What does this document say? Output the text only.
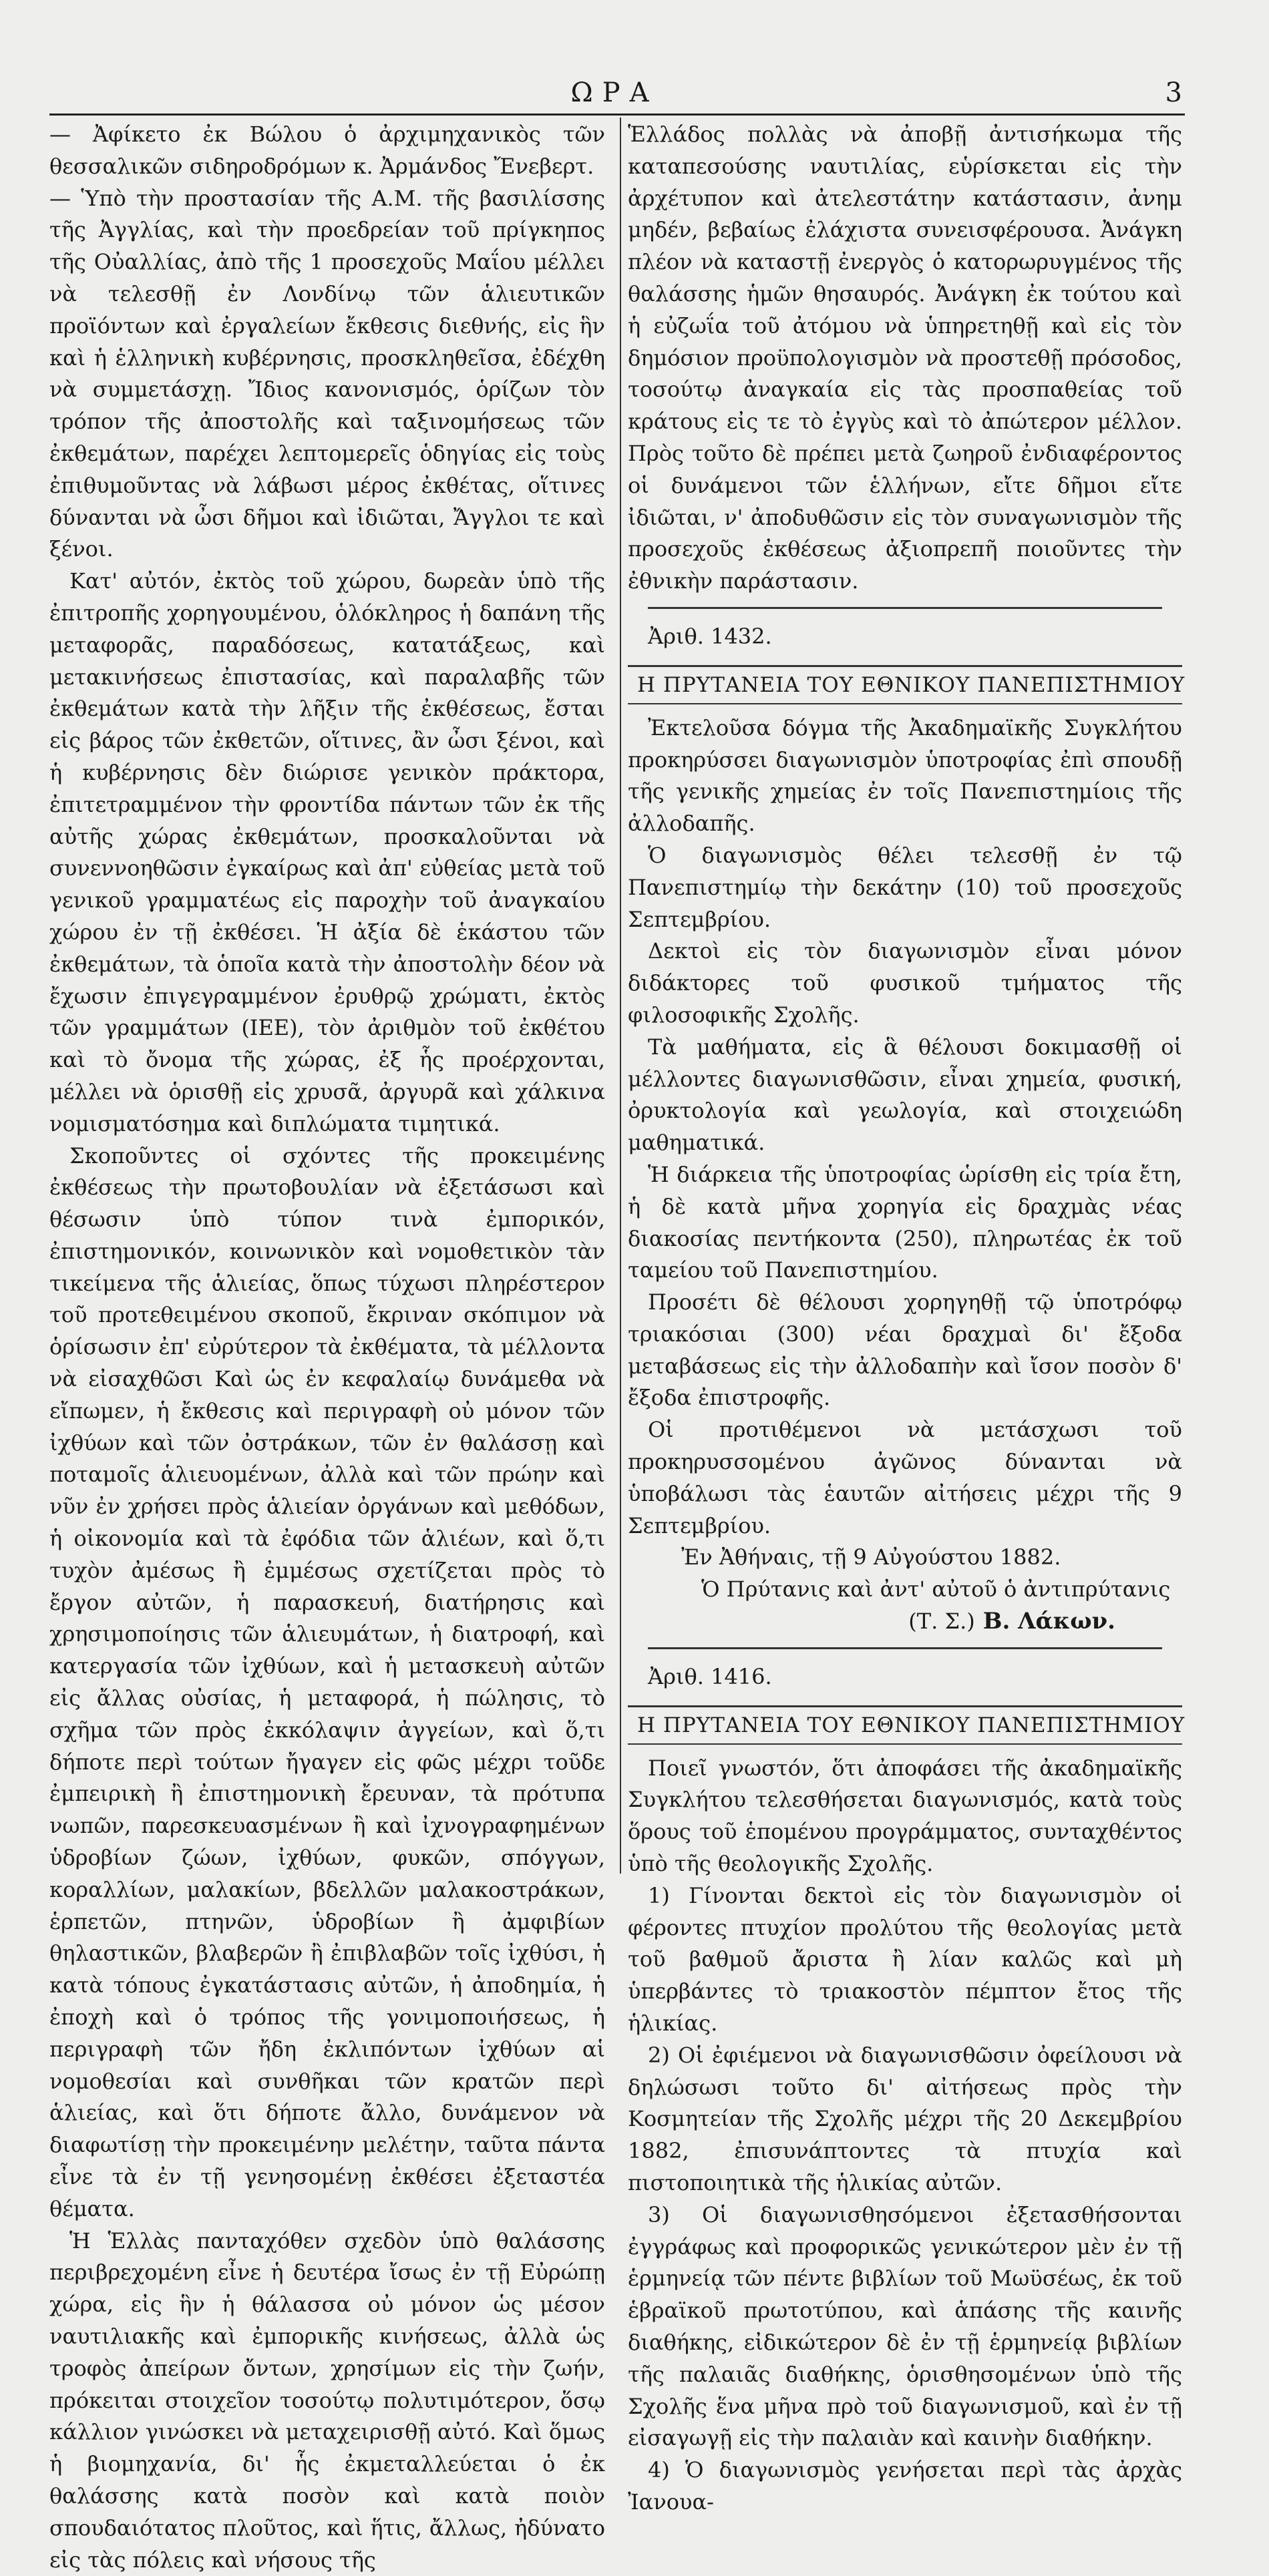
ΩΡΑ	3

— Ἀφίκετο ἐκ Βώλου ὁ ἀρχιμηχανικὸς τῶν θεσσαλικῶν σιδηροδρόμων κ. Ἀρμάνδος Ἔνεβερτ.

— Ὑπὸ τὴν προστασίαν τῆς Α.Μ. τῆς βασιλίσσης τῆς Ἀγγλίας, καὶ τὴν προεδρείαν τοῦ πρίγκηπος τῆς Οὐαλλίας, ἀπὸ τῆς 1 προσεχοῦς Μαΐου μέλλει νὰ τελεσθῇ ἐν Λονδίνῳ τῶν ἁλιευτικῶν προϊόντων καὶ ἐργαλείων ἔκθεσις διεθνής, εἰς ἣν καὶ ἡ ἑλληνικὴ κυβέρνησις, προσκληθεῖσα, ἐδέχθη νὰ συμμετάσχῃ. Ἴδιος κανονισμός, ὁρίζων τὸν τρόπον τῆς ἀποστολῆς καὶ ταξινομήσεως τῶν ἐκθεμάτων, παρέχει λεπτομερεῖς ὁδηγίας εἰς τοὺς ἐπιθυμοῦντας νὰ λάβωσι μέρος ἐκθέτας, οἵτινες δύνανται νὰ ὦσι δῆμοι καὶ ἰδιῶται, Ἄγγλοι τε καὶ ξένοι.

Κατ' αὐτόν, ἐκτὸς τοῦ χώρου, δωρεὰν ὑπὸ τῆς ἐπιτροπῆς χορηγουμένου, ὁλόκληρος ἡ δαπάνη τῆς μεταφορᾶς, παραδόσεως, κατατάξεως, καὶ μετακινήσεως ἐπιστασίας, καὶ παραλαβῆς τῶν ἐκθεμάτων κατὰ τὴν λῆξιν τῆς ἐκθέσεως, ἔσται εἰς βάρος τῶν ἐκθετῶν, οἵτινες, ἂν ὦσι ξένοι, καὶ ἡ κυβέρνησις δὲν διώρισε γενικὸν πράκτορα, ἐπιτετραμμένον τὴν φροντίδα πάντων τῶν ἐκ τῆς αὐτῆς χώρας ἐκθεμάτων, προσκαλοῦνται νὰ συνεννοηθῶσιν ἐγκαίρως καὶ ἀπ' εὐθείας μετὰ τοῦ γενικοῦ γραμματέως εἰς παροχὴν τοῦ ἀναγκαίου χώρου ἐν τῇ ἐκθέσει. Ἡ ἀξία δὲ ἑκάστου τῶν ἐκθεμάτων, τὰ ὁποῖα κατὰ τὴν ἀποστολὴν δέον νὰ ἔχωσιν ἐπιγεγραμμένον ἐρυθρῷ χρώματι, ἐκτὸς τῶν γραμμάτων (ΙΕΕ), τὸν ἀριθμὸν τοῦ ἐκθέτου καὶ τὸ ὄνομα τῆς χώρας, ἐξ ἧς προέρχονται, μέλλει νὰ ὁρισθῇ εἰς χρυσᾶ, ἀργυρᾶ καὶ χάλκινα νομισματόσημα καὶ διπλώματα τιμητικά.

Σκοποῦντες οἱ σχόντες τῆς προκειμένης ἐκθέσεως τὴν πρωτοβουλίαν νὰ ἐξετάσωσι καὶ θέσωσιν ὑπὸ τύπον τινὰ ἐμπορικόν, ἐπιστημονικόν, κοινωνικὸν καὶ νομοθετικὸν τὰν τικείμενα τῆς ἁλιείας, ὅπως τύχωσι πληρέστερον τοῦ προτεθειμένου σκοποῦ, ἔκριναν σκόπιμον νὰ ὁρίσωσιν ἐπ' εὐρύτερον τὰ ἐκθέματα, τὰ μέλλοντα νὰ εἰσαχθῶσι Καὶ ὡς ἐν κεφαλαίῳ δυνάμεθα νὰ εἴπωμεν, ἡ ἔκθεσις καὶ περιγραφὴ οὐ μόνον τῶν ἰχθύων καὶ τῶν ὀστράκων, τῶν ἐν θαλάσσῃ καὶ ποταμοῖς ἁλιευομένων, ἀλλὰ καὶ τῶν πρώην καὶ νῦν ἐν χρήσει πρὸς ἁλιείαν ὀργάνων καὶ μεθόδων, ἡ οἰκονομία καὶ τὰ ἐφόδια τῶν ἁλιέων, καὶ ὅ,τι τυχὸν ἀμέσως ἢ ἐμμέσως σχετίζεται πρὸς τὸ ἔργον αὐτῶν, ἡ παρασκευή, διατήρησις καὶ χρησιμοποίησις τῶν ἁλιευμάτων, ἡ διατροφή, καὶ κατεργασία τῶν ἰχθύων, καὶ ἡ μετασκευὴ αὐτῶν εἰς ἄλλας οὐσίας, ἡ μεταφορά, ἡ πώλησις, τὸ σχῆμα τῶν πρὸς ἐκκόλαψιν ἀγγείων, καὶ ὅ,τι δήποτε περὶ τούτων ἤγαγεν εἰς φῶς μέχρι τοῦδε ἐμπειρικὴ ἢ ἐπιστημονικὴ ἔρευναν, τὰ πρότυπα νωπῶν, παρεσκευασμένων ἢ καὶ ἰχνογραφημένων ὑδροβίων ζώων, ἰχθύων, φυκῶν, σπόγγων, κοραλλίων, μαλακίων, βδελλῶν μαλακοστράκων, ἑρπετῶν, πτηνῶν, ὑδροβίων ἢ ἀμφιβίων θηλαστικῶν, βλαβερῶν ἢ ἐπιβλαβῶν τοῖς ἰχθύσι, ἡ κατὰ τόπους ἐγκατάστασις αὐτῶν, ἡ ἀποδημία, ἡ ἐποχὴ καὶ ὁ τρόπος τῆς γονιμοποιήσεως, ἡ περιγραφὴ τῶν ἤδη ἐκλιπόντων ἰχθύων αἱ νομοθεσίαι καὶ συνθῆκαι τῶν κρατῶν περὶ ἁλιείας, καὶ ὅτι δήποτε ἄλλο, δυνάμενον νὰ διαφωτίσῃ τὴν προκειμένην μελέτην, ταῦτα πάντα εἶνε τὰ ἐν τῇ γενησομένῃ ἐκθέσει ἐξεταστέα θέματα.

Ἡ Ἑλλὰς πανταχόθεν σχεδὸν ὑπὸ θαλάσσης περιβρεχομένη εἶνε ἡ δευτέρα ἴσως ἐν τῇ Εὐρώπῃ χώρα, εἰς ἣν ἡ θάλασσα οὐ μόνον ὡς μέσον ναυτιλιακῆς καὶ ἐμπορικῆς κινήσεως, ἀλλὰ ὡς τροφὸς ἀπείρων ὄντων, χρησίμων εἰς τὴν ζωήν, πρόκειται στοιχεῖον τοσούτῳ πολυτιμότερον, ὅσῳ κάλλιον γινώσκει νὰ μεταχειρισθῇ αὐτό. Καὶ ὅμως ἡ βιομηχανία, δι' ἧς ἐκμεταλλεύεται ὁ ἐκ θαλάσσης κατὰ ποσὸν καὶ κατὰ ποιὸν σπουδαιότατος πλοῦτος, καὶ ἥτις, ἄλλως, ἠδύνατο εἰς τὰς πόλεις καὶ νήσους τῆς

Ἑλλάδος πολλὰς νὰ ἀποβῇ ἀντισήκωμα τῆς καταπεσούσης ναυτιλίας, εὑρίσκεται εἰς τὴν ἀρχέτυπον καὶ ἀτελεστάτην κατάστασιν, ἀνημ μηδέν, βεβαίως ἐλάχιστα συνεισφέρουσα. Ἀνάγκη πλέον νὰ καταστῇ ἐνεργὸς ὁ κατορωρυγμένος τῆς θαλάσσης ἡμῶν θησαυρός. Ἀνάγκη ἐκ τούτου καὶ ἡ εὐζωΐα τοῦ ἀτόμου νὰ ὑπηρετηθῇ καὶ εἰς τὸν δημόσιον προϋπολογισμὸν νὰ προστεθῇ πρόσοδος, τοσούτῳ ἀναγκαία εἰς τὰς προσπαθείας τοῦ κράτους εἰς τε τὸ ἐγγὺς καὶ τὸ ἀπώτερον μέλλον. Πρὸς τοῦτο δὲ πρέπει μετὰ ζωηροῦ ἐνδιαφέροντος οἱ δυνάμενοι τῶν ἑλλήνων, εἴτε δῆμοι εἴτε ἰδιῶται, ν' ἀποδυθῶσιν εἰς τὸν συναγωνισμὸν τῆς προσεχοῦς ἐκθέσεως ἀξιοπρεπῆ ποιοῦντες τὴν ἐθνικὴν παράστασιν.

Ἀριθ. 1432.

Η ΠΡΥΤΑΝΕΙΑ ΤΟΥ ΕΘΝΙΚΟΥ ΠΑΝΕΠΙΣΤΗΜΙΟΥ

Ἐκτελοῦσα δόγμα τῆς Ἀκαδημαϊκῆς Συγκλήτου προκηρύσσει διαγωνισμὸν ὑποτροφίας ἐπὶ σπουδῇ τῆς γενικῆς χημείας ἐν τοῖς Πανεπιστημίοις τῆς ἀλλοδαπῆς.

Ὁ διαγωνισμὸς θέλει τελεσθῇ ἐν τῷ Πανεπιστημίῳ τὴν δεκάτην (10) τοῦ προσεχοῦς Σεπτεμβρίου.

Δεκτοὶ εἰς τὸν διαγωνισμὸν εἶναι μόνον διδάκτορες τοῦ φυσικοῦ τμήματος τῆς φιλοσοφικῆς Σχολῆς.

Τὰ μαθήματα, εἰς ἃ θέλουσι δοκιμασθῇ οἱ μέλλοντες διαγωνισθῶσιν, εἶναι χημεία, φυσική, ὀρυκτολογία καὶ γεωλογία, καὶ στοιχειώδη μαθηματικά.

Ἡ διάρκεια τῆς ὑποτροφίας ὡρίσθη εἰς τρία ἔτη, ἡ δὲ κατὰ μῆνα χορηγία εἰς δραχμὰς νέας διακοσίας πεντήκοντα (250), πληρωτέας ἐκ τοῦ ταμείου τοῦ Πανεπιστημίου.

Προσέτι δὲ θέλουσι χορηγηθῇ τῷ ὑποτρόφῳ τριακόσιαι (300) νέαι δραχμαὶ δι' ἔξοδα μεταβάσεως εἰς τὴν ἀλλοδαπὴν καὶ ἴσον ποσὸν δ' ἔξοδα ἐπιστροφῆς.

Οἱ προτιθέμενοι νὰ μετάσχωσι τοῦ προκηρυσσομένου ἀγῶνος δύνανται νὰ ὑποβάλωσι τὰς ἑαυτῶν αἰτήσεις μέχρι τῆς 9 Σεπτεμβρίου.

Ἐν Ἀθήναις, τῇ 9 Αὐγούστου 1882.

Ὁ Πρύτανις καὶ ἀντ' αὐτοῦ ὁ ἀντιπρύτανις

(Τ. Σ.) Β. Λάκων.

Ἀριθ. 1416.

Η ΠΡΥΤΑΝΕΙΑ ΤΟΥ ΕΘΝΙΚΟΥ ΠΑΝΕΠΙΣΤΗΜΙΟΥ

Ποιεῖ γνωστόν, ὅτι ἀποφάσει τῆς ἀκαδημαϊκῆς Συγκλήτου τελεσθήσεται διαγωνισμός, κατὰ τοὺς ὅρους τοῦ ἑπομένου προγράμματος, συνταχθέντος ὑπὸ τῆς θεολογικῆς Σχολῆς.

1) Γίνονται δεκτοὶ εἰς τὸν διαγωνισμὸν οἱ φέροντες πτυχίον προλύτου τῆς θεολογίας μετὰ τοῦ βαθμοῦ ἄριστα ἢ λίαν καλῶς καὶ μὴ ὑπερβάντες τὸ τριακοστὸν πέμπτον ἔτος τῆς ἡλικίας.

2) Οἱ ἐφιέμενοι νὰ διαγωνισθῶσιν ὀφείλουσι νὰ δηλώσωσι τοῦτο δι' αἰτήσεως πρὸς τὴν Κοσμητείαν τῆς Σχολῆς μέχρι τῆς 20 Δεκεμβρίου 1882, ἐπισυνάπτοντες τὰ πτυχία καὶ πιστοποιητικὰ τῆς ἡλικίας αὐτῶν.

3) Οἱ διαγωνισθησόμενοι ἐξετασθήσονται ἐγγράφως καὶ προφορικῶς γενικώτερον μὲν ἐν τῇ ἑρμηνείᾳ τῶν πέντε βιβλίων τοῦ Μωϋσέως, ἐκ τοῦ ἑβραϊκοῦ πρωτοτύπου, καὶ ἁπάσης τῆς καινῆς διαθήκης, εἰδικώτερον δὲ ἐν τῇ ἑρμηνείᾳ βιβλίων τῆς παλαιᾶς διαθήκης, ὁρισθησομένων ὑπὸ τῆς Σχολῆς ἕνα μῆνα πρὸ τοῦ διαγωνισμοῦ, καὶ ἐν τῇ εἰσαγωγῇ εἰς τὴν παλαιὰν καὶ καινὴν διαθήκην.

4) Ὁ διαγωνισμὸς γενήσεται περὶ τὰς ἀρχὰς Ἰανουα-
